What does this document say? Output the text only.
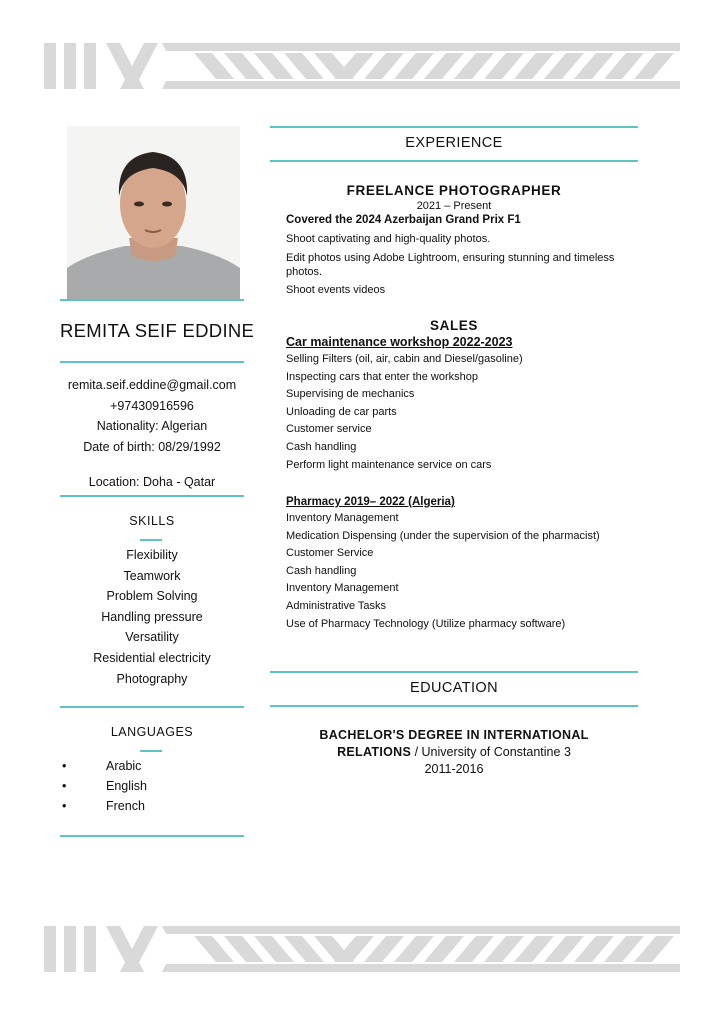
REMITA SEIF EDDINE
remita.seif.eddine@gmail.com
+97430916596
Nationality: Algerian
Date of birth: 08/29/1992
Location: Doha - Qatar
SKILLS
Flexibility
Teamwork
Problem Solving
Handling pressure
Versatility
Residential electricity
Photography
LANGUAGES
•	Arabic
•	English
•	French
EXPERIENCE
FREELANCE PHOTOGRAPHER
2021 – Present
Covered the 2024 Azerbaijan Grand Prix F1
Shoot captivating and high-quality photos.
Edit photos using Adobe Lightroom, ensuring stunning and timeless photos.
Shoot events videos
SALES
Car maintenance workshop 2022-2023
Selling Filters (oil, air, cabin and Diesel/gasoline)
Inspecting cars that enter the workshop
Supervising de mechanics
Unloading de car parts
Customer service
Cash handling
Perform light maintenance service on cars
Pharmacy 2019– 2022 (Algeria)
Inventory Management
Medication Dispensing (under the supervision of the pharmacist)
Customer Service
Cash handling
Inventory Management
Administrative Tasks
Use of Pharmacy Technology (Utilize pharmacy software)
EDUCATION
BACHELOR'S DEGREE IN INTERNATIONAL
RELATIONS / University of Constantine 3
2011-2016
